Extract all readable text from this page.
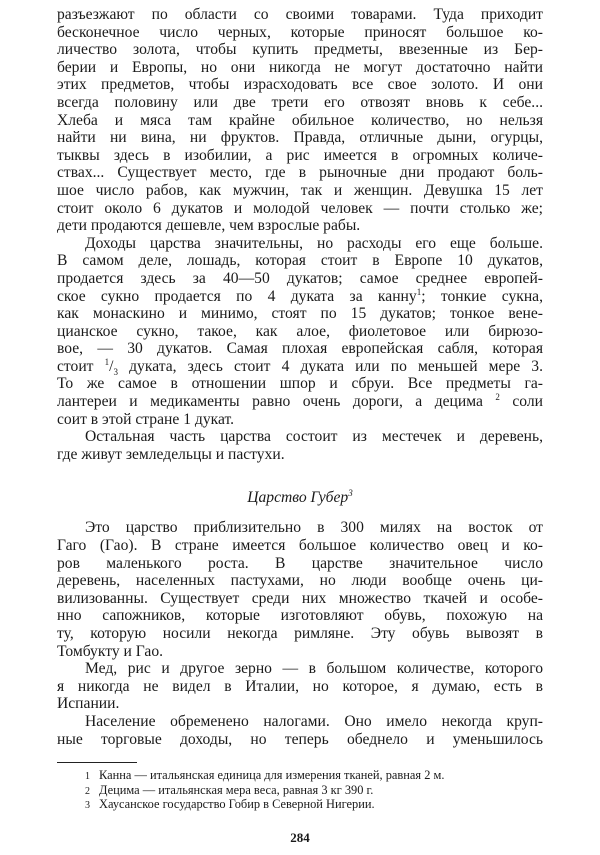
разъезжают по области со своими товарами. Туда приходит
бесконечное число черных, которые приносят большое ко-
личество золота, чтобы купить предметы, ввезенные из Бер-
берии и Европы, но они никогда не могут достаточно найти
этих предметов, чтобы израсходовать все свое золото. И они
всегда половину или две трети его отвозят вновь к себе...
Хлеба и мяса там крайне обильное количество, но нельзя
найти ни вина, ни фруктов. Правда, отличные дыни, огурцы,
тыквы здесь в изобилии, а рис имеется в огромных количе-
ствах... Существует место, где в рыночные дни продают боль-
шое число рабов, как мужчин, так и женщин. Девушка 15 лет
стоит около 6 дукатов и молодой человек — почти столько же;
дети продаются дешевле, чем взрослые рабы.
Доходы царства значительны, но расходы его еще больше.
В самом деле, лошадь, которая стоит в Европе 10 дукатов,
продается здесь за 40—50 дукатов; самое среднее европей-
ское сукно продается по 4 дуката за канну$^1$; тонкие сукна,
как монаскино и минимо, стоят по 15 дукатов; тонкое вене-
цианское сукно, такое, как алое, фиолетовое или бирюзо-
вое, — 30 дукатов. Самая плохая европейская сабля, которая
стоит $^1/_3$ дуката, здесь стоит 4 дуката или по меньшей мере 3.
То же самое в отношении шпор и сбруи. Все предметы га-
лантереи и медикаменты равно очень дороги, а децима $^2$ соли
соит в этой стране 1 дукат.
Остальная часть царства состоит из местечек и деревень,
где живут земледельцы и пастухи.
Царство Губер$^3$
Это царство приблизительно в 300 милях на восток от
Гаго (Гао). В стране имеется большое количество овец и ко-
ров маленького роста. В царстве значительное число
деревень, населенных пастухами, но люди вообще очень ци-
вилизованны. Существует среди них множество ткачей и особе-
нно сапожников, которые изготовляют обувь, похожую на
ту, которую носили некогда римляне. Эту обувь вывозят в
Томбукту и Гао.
Мед, рис и другое зерно — в большом количестве, которого
я никогда не видел в Италии, но которое, я думаю, есть в
Испании.
Население обременено налогами. Оно имело некогда круп-
ные торговые доходы, но теперь обеднело и уменьшилось
1 Канна — итальянская единица для измерения тканей, равная 2 м.
2 Децима — итальянская мера веса, равная 3 кг 390 г.
3 Хаусанское государство Гобир в Северной Нигерии.
284
